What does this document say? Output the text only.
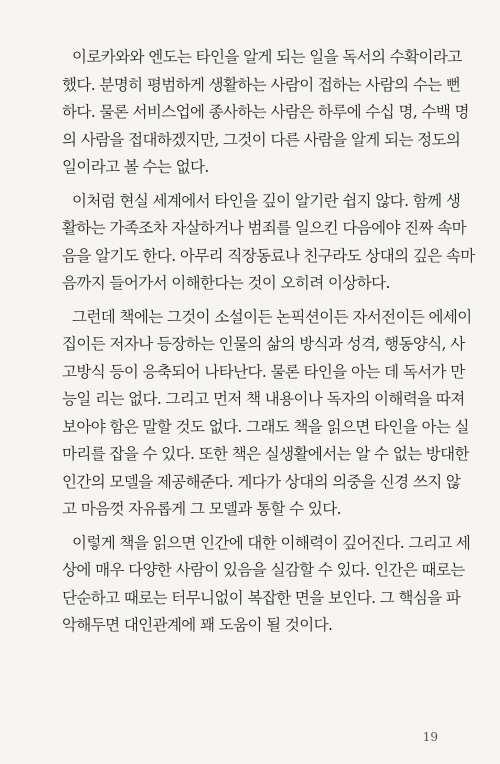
이로카와와 엔도는 타인을 알게 되는 일을 독서의 수확이라고
했다. 분명히 평범하게 생활하는 사람이 접하는 사람의 수는 뻔
하다. 물론 서비스업에 종사하는 사람은 하루에 수십 명, 수백 명
의 사람을 접대하겠지만, 그것이 다른 사람을 알게 되는 정도의
일이라고 볼 수는 없다.
이처럼 현실 세계에서 타인을 깊이 알기란 쉽지 않다. 함께 생
활하는 가족조차 자살하거나 범죄를 일으킨 다음에야 진짜 속마
음을 알기도 한다. 아무리 직장동료나 친구라도 상대의 깊은 속마
음까지 들어가서 이해한다는 것이 오히려 이상하다.
그런데 책에는 그것이 소설이든 논픽션이든 자서전이든 에세이
집이든 저자나 등장하는 인물의 삶의 방식과 성격, 행동양식, 사
고방식 등이 응축되어 나타난다. 물론 타인을 아는 데 독서가 만
능일 리는 없다. 그리고 먼저 책 내용이나 독자의 이해력을 따져
보아야 함은 말할 것도 없다. 그래도 책을 읽으면 타인을 아는 실
마리를 잡을 수 있다. 또한 책은 실생활에서는 알 수 없는 방대한
인간의 모델을 제공해준다. 게다가 상대의 의중을 신경 쓰지 않
고 마음껏 자유롭게 그 모델과 통할 수 있다.
이렇게 책을 읽으면 인간에 대한 이해력이 깊어진다. 그리고 세
상에 매우 다양한 사람이 있음을 실감할 수 있다. 인간은 때로는
단순하고 때로는 터무니없이 복잡한 면을 보인다. 그 핵심을 파
악해두면 대인관계에 꽤 도움이 될 것이다.
19
